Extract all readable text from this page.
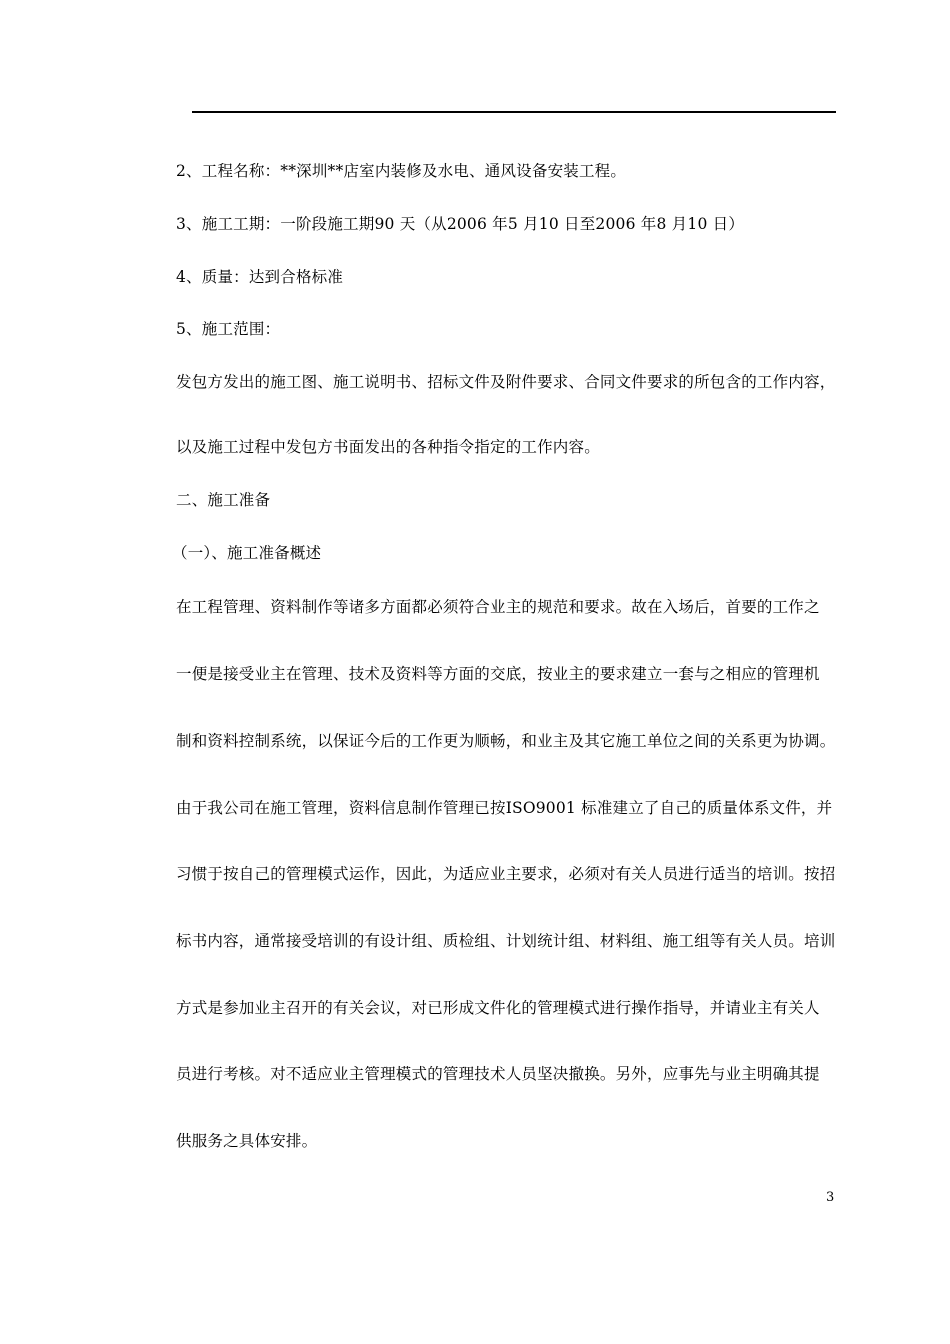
2、工程名称：**深圳**店室内装修及水电、通风设备安装工程。
3、施工工期：一阶段施工期90 天（从2006 年5 月10 日至2006 年8 月10 日）
4、质量：达到合格标准
5、施工范围：
发包方发出的施工图、施工说明书、招标文件及附件要求、合同文件要求的所包含的工作内容，
以及施工过程中发包方书面发出的各种指令指定的工作内容。
二、施工准备
（一）、施工准备概述
在工程管理、资料制作等诸多方面都必须符合业主的规范和要求。故在入场后，首要的工作之
一便是接受业主在管理、技术及资料等方面的交底，按业主的要求建立一套与之相应的管理机
制和资料控制系统，以保证今后的工作更为顺畅，和业主及其它施工单位之间的关系更为协调。
由于我公司在施工管理，资料信息制作管理已按ISO9001 标准建立了自己的质量体系文件，并
习惯于按自己的管理模式运作，因此，为适应业主要求，必须对有关人员进行适当的培训。按招
标书内容，通常接受培训的有设计组、质检组、计划统计组、材料组、施工组等有关人员。培训
方式是参加业主召开的有关会议，对已形成文件化的管理模式进行操作指导，并请业主有关人
员进行考核。对不适应业主管理模式的管理技术人员坚决撤换。另外，应事先与业主明确其提
供服务之具体安排。
3
